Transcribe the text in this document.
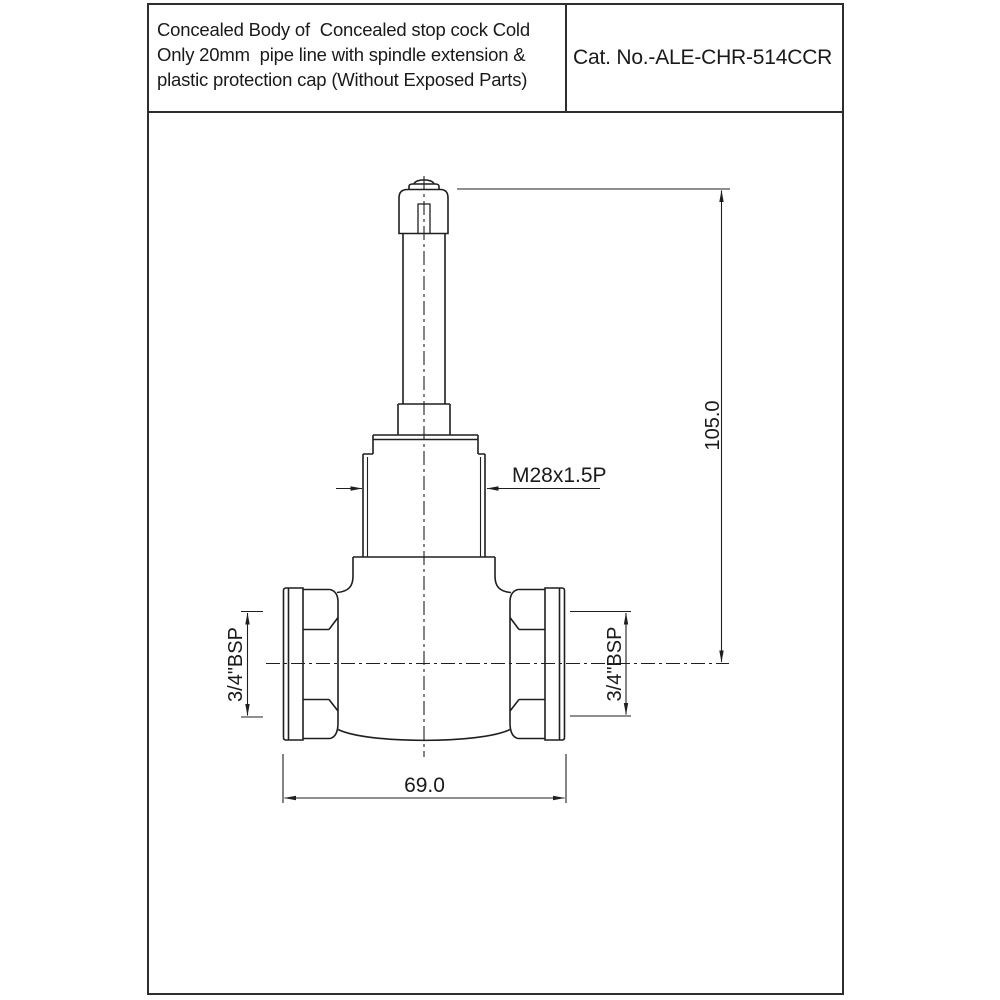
Concealed Body of  Concealed stop cock Cold
Only 20mm  pipe line with spindle extension &
plastic protection cap (Without Exposed Parts)
Cat. No.-ALE-CHR-514CCR
105.0
M28x1.5P
3/4"BSP	3/4"BSP
69.0
